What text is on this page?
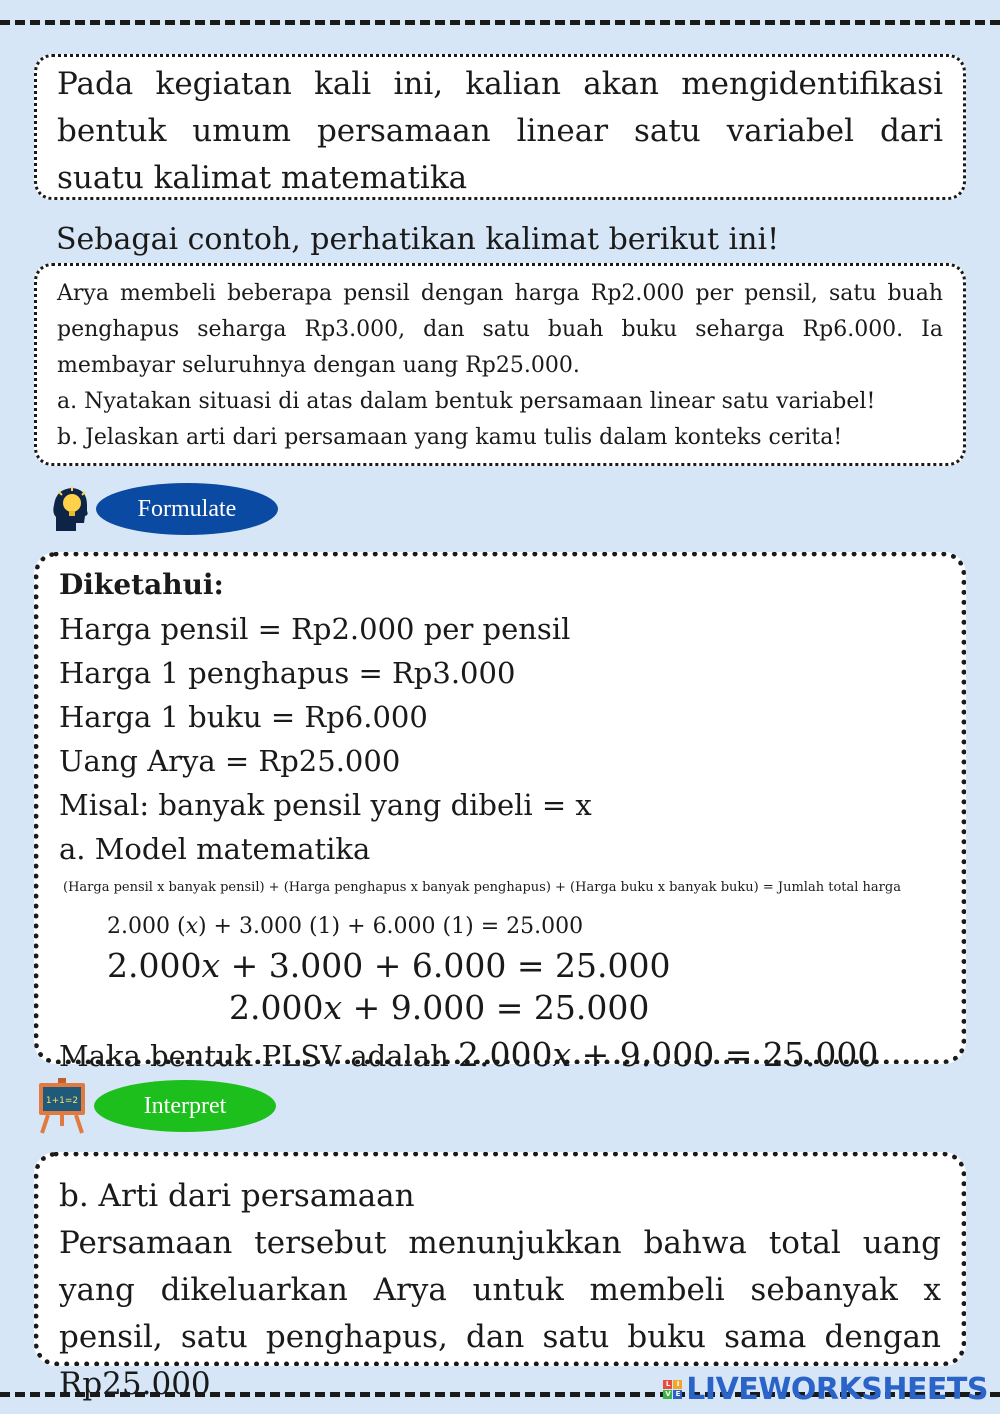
Pada kegiatan kali ini, kalian akan mengidentifikasi bentuk umum persamaan linear satu variabel dari suatu kalimat matematika
Sebagai contoh, perhatikan kalimat berikut ini!
Arya membeli beberapa pensil dengan harga Rp2.000 per pensil, satu buah penghapus seharga Rp3.000, dan satu buah buku seharga Rp6.000. Ia membayar seluruhnya dengan uang Rp25.000.
a. Nyatakan situasi di atas dalam bentuk persamaan linear satu variabel!
b. Jelaskan arti dari persamaan yang kamu tulis dalam konteks cerita!
Formulate
Diketahui:
Harga pensil = Rp2.000 per pensil
Harga 1 penghapus = Rp3.000
Harga 1 buku = Rp6.000
Uang Arya = Rp25.000
Misal: banyak pensil yang dibeli = x
a. Model matematika
(Harga pensil x banyak pensil) + (Harga penghapus x banyak penghapus) + (Harga buku x banyak buku) = Jumlah total harga
2.000 (x) + 3.000 (1) + 6.000 (1) = 25.000
2.000x + 3.000 + 6.000 = 25.000
2.000x + 9.000 = 25.000
Maka bentuk PLSV adalah 2.000x + 9.000 = 25.000
1+1=2	Interpret
b. Arti dari persamaan
Persamaan tersebut menunjukkan bahwa total uang yang dikeluarkan Arya untuk membeli sebanyak x pensil, satu penghapus, dan satu buku sama dengan Rp25.000	L I
V E LIVEWORKSHEETS
